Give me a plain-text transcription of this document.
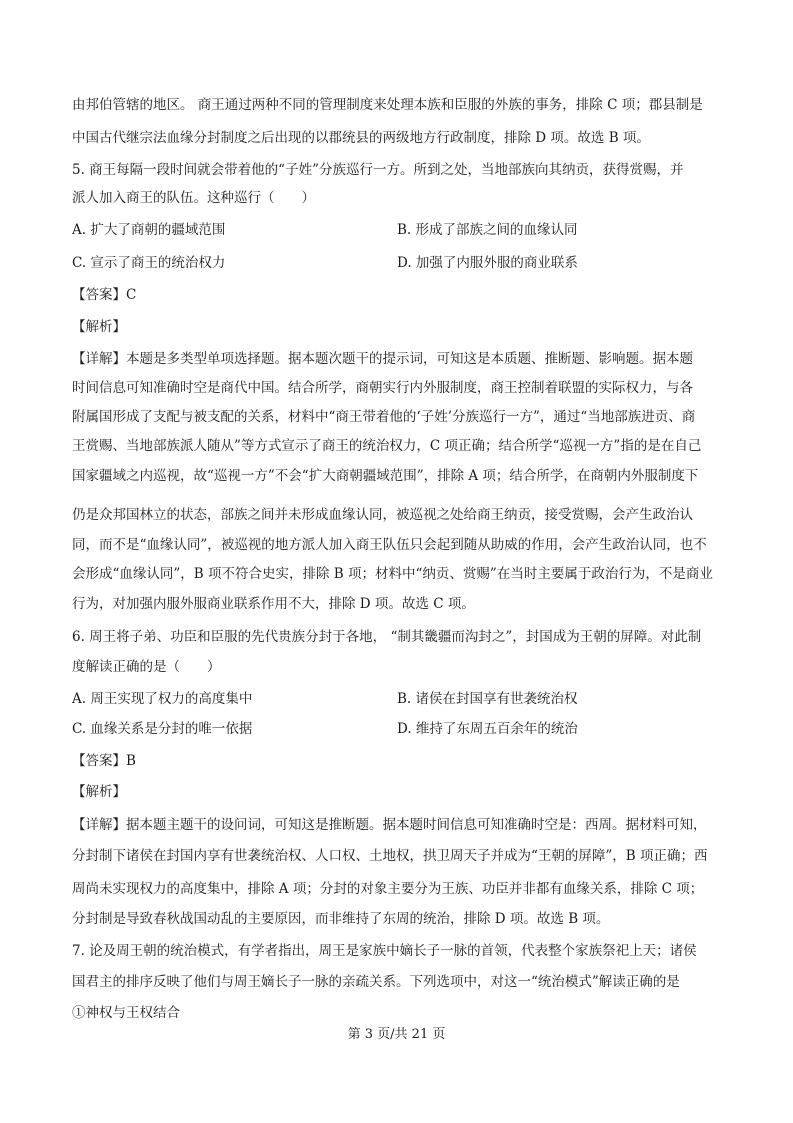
由邦伯管辖的地区。 商王通过两种不同的管理制度来处理本族和臣服的外族的事务，排除 C 项；郡县制是
中国古代继宗法血缘分封制度之后出现的以郡统县的两级地方行政制度，排除 D 项。故选 B 项。
5. 商王每隔一段时间就会带着他的“子姓”分族巡行一方。所到之处，当地部族向其纳贡，获得赏赐，并
派人加入商王的队伍。这种巡行（　　）
A. 扩大了商朝的疆域范围	B. 形成了部族之间的血缘认同
C. 宣示了商王的统治权力	D. 加强了内服外服的商业联系
【答案】C
【解析】
【详解】本题是多类型单项选择题。据本题次题干的提示词，可知这是本质题、推断题、影响题。据本题
时间信息可知准确时空是商代中国。结合所学，商朝实行内外服制度，商王控制着联盟的实际权力，与各
附属国形成了支配与被支配的关系，材料中“商王带着他的‘子姓’分族巡行一方”，通过“当地部族进贡、商
王赏赐、当地部族派人随从”等方式宣示了商王的统治权力，C 项正确；结合所学“巡视一方”指的是在自己
国家疆域之内巡视，故“巡视一方”不会“扩大商朝疆域范围”，排除 A 项；结合所学，在商朝内外服制度下
仍是众邦国林立的状态，部族之间并未形成血缘认同，被巡视之处给商王纳贡，接受赏赐，会产生政治认
同，而不是“血缘认同”，被巡视的地方派人加入商王队伍只会起到随从助威的作用，会产生政治认同，也不
会形成“血缘认同”，B 项不符合史实，排除 B 项；材料中“纳贡、赏赐”在当时主要属于政治行为，不是商业
行为，对加强内服外服商业联系作用不大，排除 D 项。故选 C 项。
6. 周王将子弟、功臣和臣服的先代贵族分封于各地， “制其畿疆而沟封之”，封国成为王朝的屏障。对此制
度解读正确的是（　　）
A. 周王实现了权力的高度集中	B. 诸侯在封国享有世袭统治权
C. 血缘关系是分封的唯一依据	D. 维持了东周五百余年的统治
【答案】B
【解析】
【详解】据本题主题干的设问词，可知这是推断题。据本题时间信息可知准确时空是：西周。据材料可知，
分封制下诸侯在封国内享有世袭统治权、人口权、土地权，拱卫周天子并成为“王朝的屏障”，B 项正确；西
周尚未实现权力的高度集中，排除 A 项；分封的对象主要分为王族、功臣并非都有血缘关系，排除 C 项；
分封制是导致春秋战国动乱的主要原因，而非维持了东周的统治，排除 D 项。故选 B 项。
7. 论及周王朝的统治模式，有学者指出，周王是家族中嫡长子一脉的首领，代表整个家族祭祀上天；诸侯
国君主的排序反映了他们与周王嫡长子一脉的亲疏关系。下列选项中，对这一“统治模式”解读正确的是
①神权与王权结合
第 3 页/共 21 页
